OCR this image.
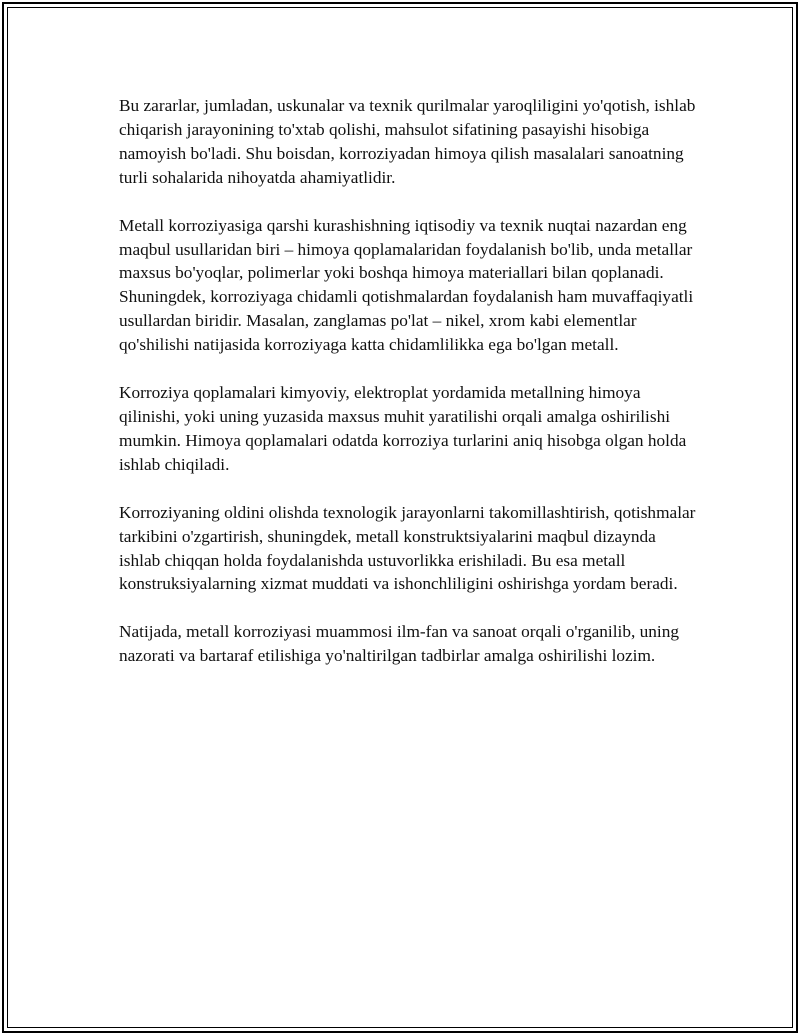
Bu zararlar, jumladan, uskunalar va texnik qurilmalar yaroqliligini yo'qotish, ishlab chiqarish jarayonining to'xtab qolishi, mahsulot sifatining pasayishi hisobiga namoyish bo'ladi. Shu boisdan, korroziyadan himoya qilish masalalari sanoatning turli sohalarida nihoyatda ahamiyatlidir.

Metall korroziyasiga qarshi kurashishning iqtisodiy va texnik nuqtai nazardan eng maqbul usullaridan biri – himoya qoplamalaridan foydalanish bo'lib, unda metallar maxsus bo'yoqlar, polimerlar yoki boshqa himoya materiallari bilan qoplanadi. Shuningdek, korroziyaga chidamli qotishmalardan foydalanish ham muvaffaqiyatli usullardan biridir. Masalan, zanglamas po'lat – nikel, xrom kabi elementlar qo'shilishi natijasida korroziyaga katta chidamlilikka ega bo'lgan metall.

Korroziya qoplamalari kimyoviy, elektroplat yordamida metallning himoya qilinishi, yoki uning yuzasida maxsus muhit yaratilishi orqali amalga oshirilishi mumkin. Himoya qoplamalari odatda korroziya turlarini aniq hisobga olgan holda ishlab chiqiladi.

Korroziyaning oldini olishda texnologik jarayonlarni takomillashtirish, qotishmalar tarkibini o'zgartirish, shuningdek, metall konstruktsiyalarini maqbul dizaynda ishlab chiqqan holda foydalanishda ustuvorlikka erishiladi. Bu esa metall konstruksiyalarning xizmat muddati va ishonchliligini oshirishga yordam beradi.

Natijada, metall korroziyasi muammosi ilm-fan va sanoat orqali o'rganilib, uning nazorati va bartaraf etilishiga yo'naltirilgan tadbirlar amalga oshirilishi lozim.
